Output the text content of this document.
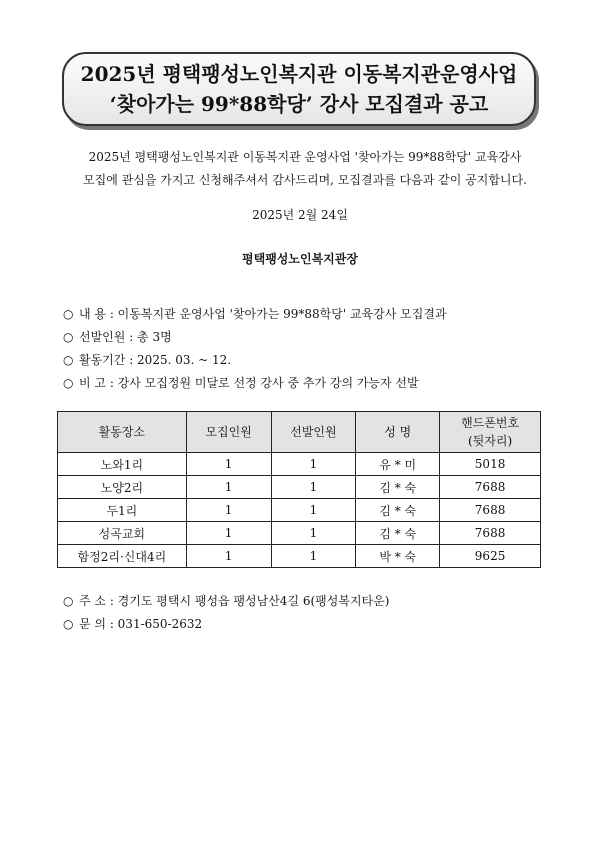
2025년 평택팽성노인복지관 이동복지관운영사업
‘찾아가는 99*88학당’ 강사 모집결과 공고
2025년 평택팽성노인복지관 이동복지관 운영사업 '찾아가는 99*88학당' 교육강사
모집에 관심을 가지고 신청해주셔서 감사드리며, 모집결과를 다음과 같이 공지합니다.
2025년 2월 24일
평택팽성노인복지관장
○ 내 용 : 이동복지관 운영사업 '찾아가는 99*88학당' 교육강사 모집결과
○ 선발인원 : 총 3명
○ 활동기간 : 2025. 03. ~ 12.
○ 비 고 : 강사 모집정원 미달로 선정 강사 중 추가 강의 가능자 선발
활동장소	모집인원	선발인원	성 명	핸드폰번호
(뒷자리)

노와1리	1	1	유 * 미	5018
노양2리	1	1	김 * 숙	7688
두1리	1	1	김 * 숙	7688
성곡교회	1	1	김 * 숙	7688
함정2리·신대4리	1	1	박 * 숙	9625
○ 주 소 : 경기도 평택시 팽성읍 팽성남산4길 6(팽성복지타운)
○ 문 의 : 031-650-2632
